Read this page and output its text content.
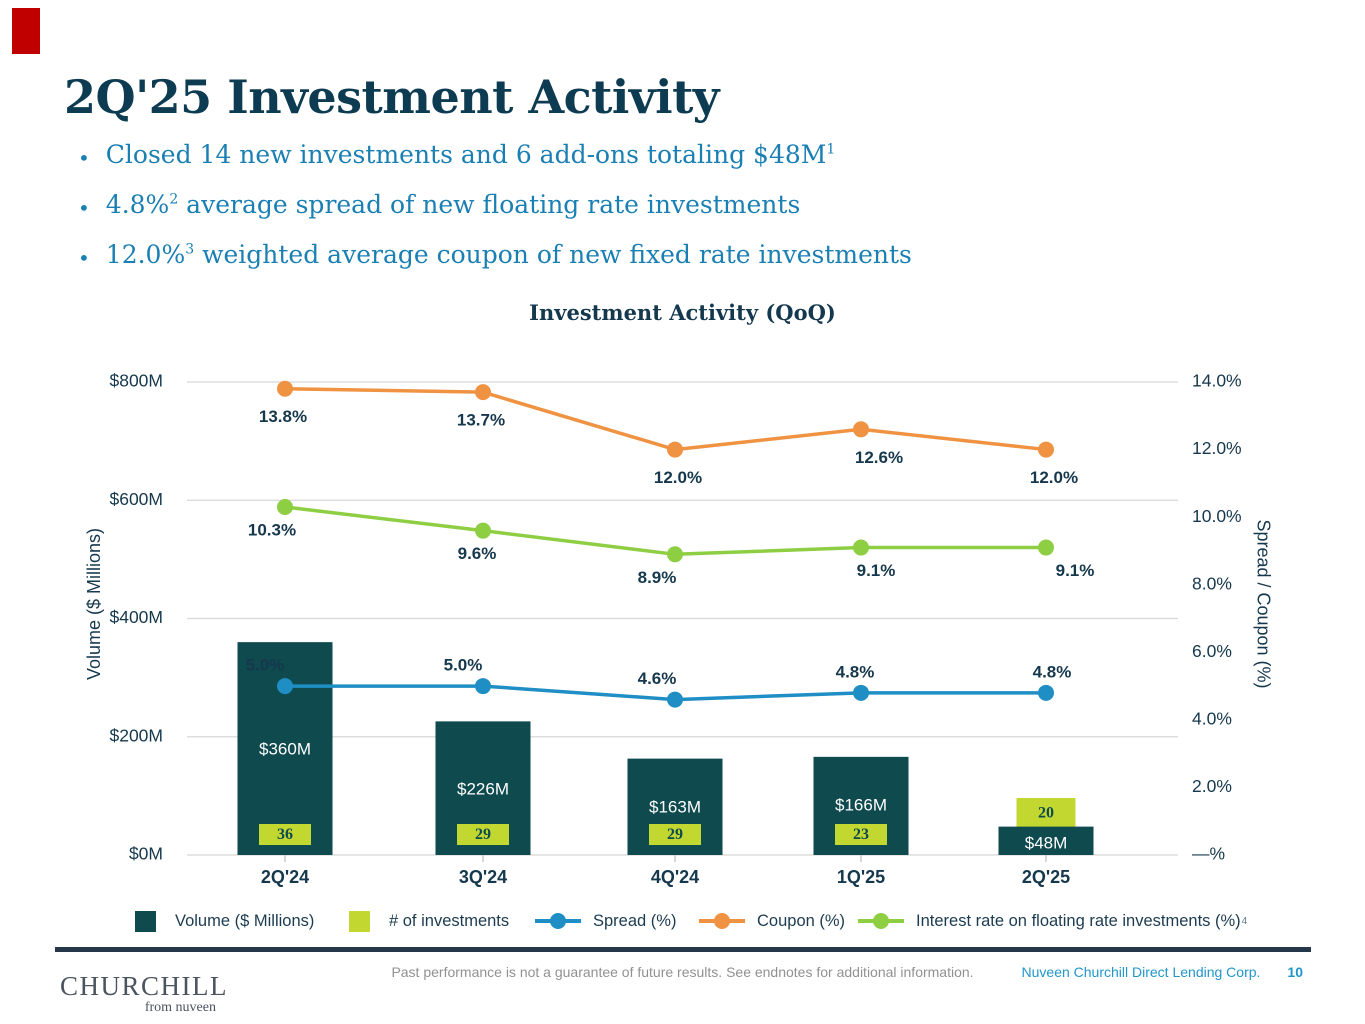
2Q'25 Investment Activity
• Closed 14 new investments and 6 add-ons totaling $\$48M^1$
• 4.8%$^2$ average spread of new floating rate investments
• 12.0%$^3$ weighted average coupon of new fixed rate investments
Investment Activity (QoQ)
$800M
$600M
$400M
$200M
$0M
14.0%
12.0%
10.0%
8.0%
6.0%
4.0%
2.0%
—%
36
$360M
29
$226M
29
$163M
23
$166M	20
$48M
5.0%	5.0%
4.6%	4.8%	4.8%
13.8%	13.7%
12.0%
12.6%
12.0%
10.3%
9.6%
8.9%	9.1%	9.1%
2Q'24	3Q'24	4Q'24	1Q'25	2Q'25
Volume ($ Millions)	Spread / Coupon (%)
Volume ($ Millions)	# of investments	Spread (%)	Coupon (%)	Interest rate on floating rate investments (%) 4
CHURCHILL
from nuveen
Past performance is not a guarantee of future results. See endnotes for additional information.	Nuveen Churchill Direct Lending Corp. 10
